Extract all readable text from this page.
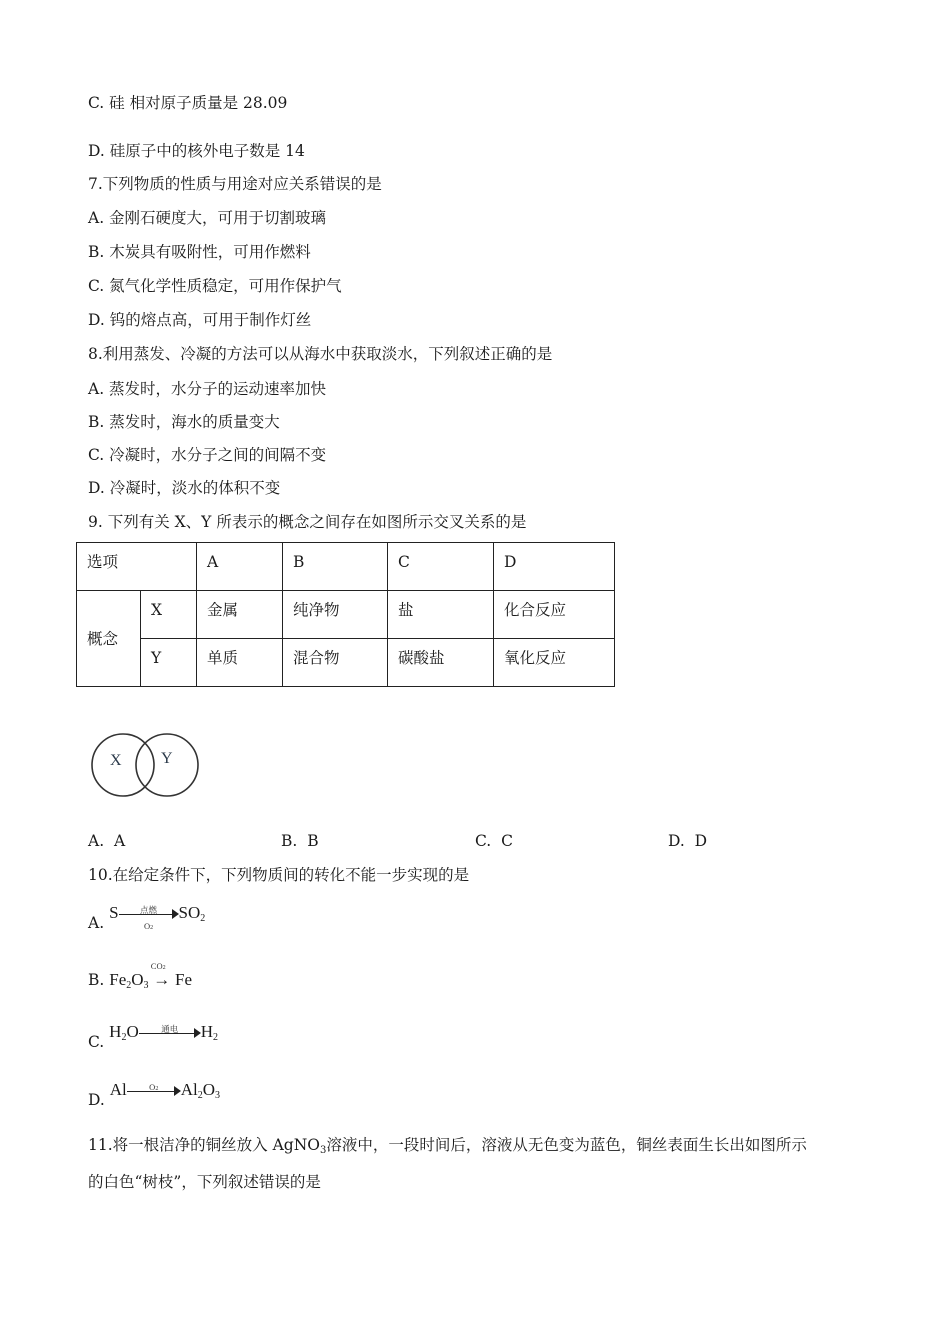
C. 硅 相对原子质量是 28.09
D. 硅原子中的核外电子数是 14
7.下列物质的性质与用途对应关系错误的是
A. 金刚石硬度大，可用于切割玻璃
B. 木炭具有吸附性，可用作燃料
C. 氮气化学性质稳定，可用作保护气
D. 钨的熔点高，可用于制作灯丝
8.利用蒸发、冷凝的方法可以从海水中获取淡水，下列叙述正确的是
A. 蒸发时，水分子的运动速率加快
B. 蒸发时，海水的质量变大
C. 冷凝时，水分子之间的间隔不变
D. 冷凝时，淡水的体积不变
9. 下列有关 X、Y 所表示的概念之间存在如图所示交叉关系的是
选项		A	B	C	D
概念	X	金属	纯净物	盐	化合反应
	Y	单质	混合物	碳酸盐	氧化反应
X Y
A. A	B. B	C. C	D. D
10.在给定条件下，下列物质间的转化不能一步实现的是
A. S	点燃
O2
$SO_2$
B. $Fe_2O_3$
CO2
→ Fe
C. $H_2O$	通电	$H_2$
D. Al	O2	$Al_2O_3$
11.将一根洁净的铜丝放入 AgNO3溶液中，一段时间后，溶液从无色变为蓝色，铜丝表面生长出如图所示
的白色“树枝”，下列叙述错误的是
